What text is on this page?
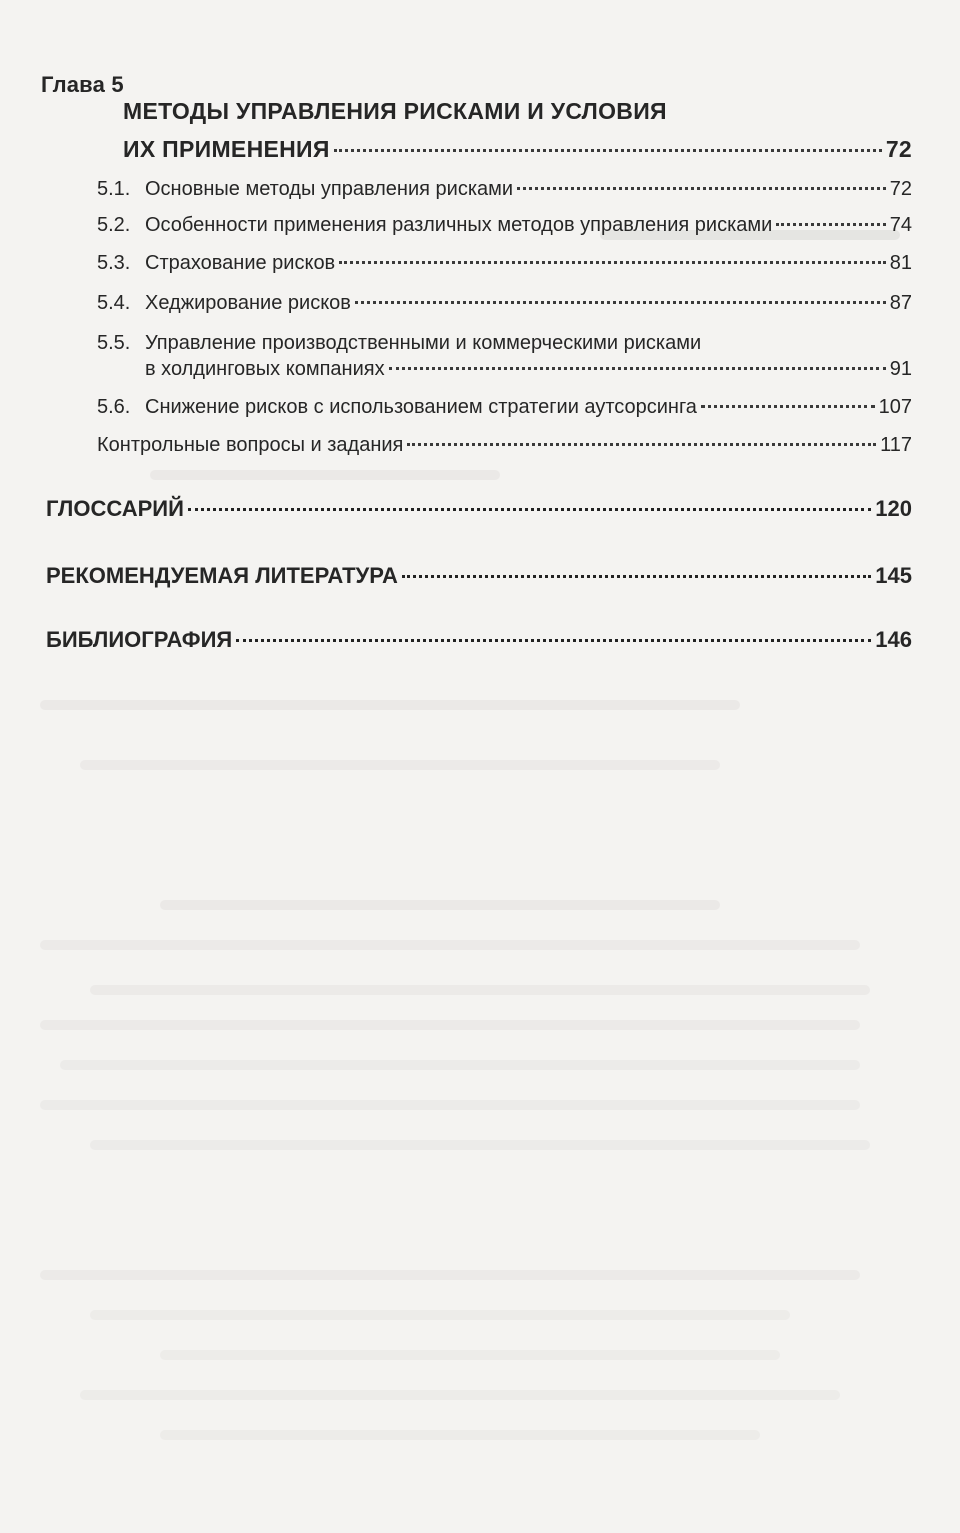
Глава 5
МЕТОДЫ УПРАВЛЕНИЯ РИСКАМИ И УСЛОВИЯ
ИХ ПРИМЕНЕНИЯ	72
5.1. Основные методы управления рисками	72
5.2. Особенности применения различных методов управления рисками	74
5.3. Страхование рисков	81
5.4. Хеджирование рисков	87
5.5. Управление производственными и коммерческими рисками
в холдинговых компаниях	91
5.6. Снижение рисков с использованием стратегии аутсорсинга	107
Контрольные вопросы и задания	117
ГЛОССАРИЙ	120
РЕКОМЕНДУЕМАЯ ЛИТЕРАТУРА	145
БИБЛИОГРАФИЯ	146
